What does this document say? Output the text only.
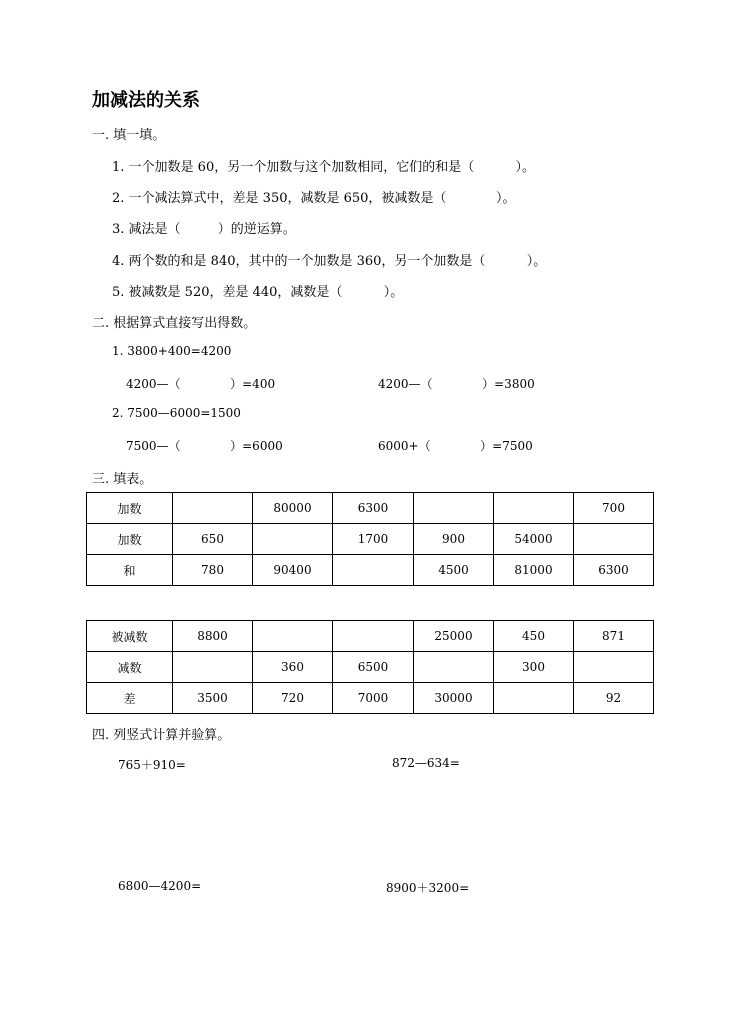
加减法的关系
一. 填一填。
1. 一个加数是 60，另一个加数与这个加数相同，它们的和是（          ）。
2. 一个减法算式中，差是 350，减数是 650，被减数是（            ）。
3. 减法是（         ）的逆运算。
4. 两个数的和是 840，其中的一个加数是 360，另一个加数是（          ）。
5. 被减数是 520，差是 440，减数是（          ）。
二. 根据算式直接写出得数。
1. 3800+400=4200
4200—（             ）=400	4200—（             ）=3800
2. 7500—6000=1500
7500—（             ）=6000	6000+（             ）=7500
三. 填表。
加数		80000	6300			700
加数	650		1700	900	54000	
和	780	90400		4500	81000	6300
被减数	8800			25000	450	871
减数		360	6500		300	
差	3500	720	7000	30000		92
四. 列竖式计算并验算。
765＋910=	872—634=
6800—4200=	8900＋3200=
